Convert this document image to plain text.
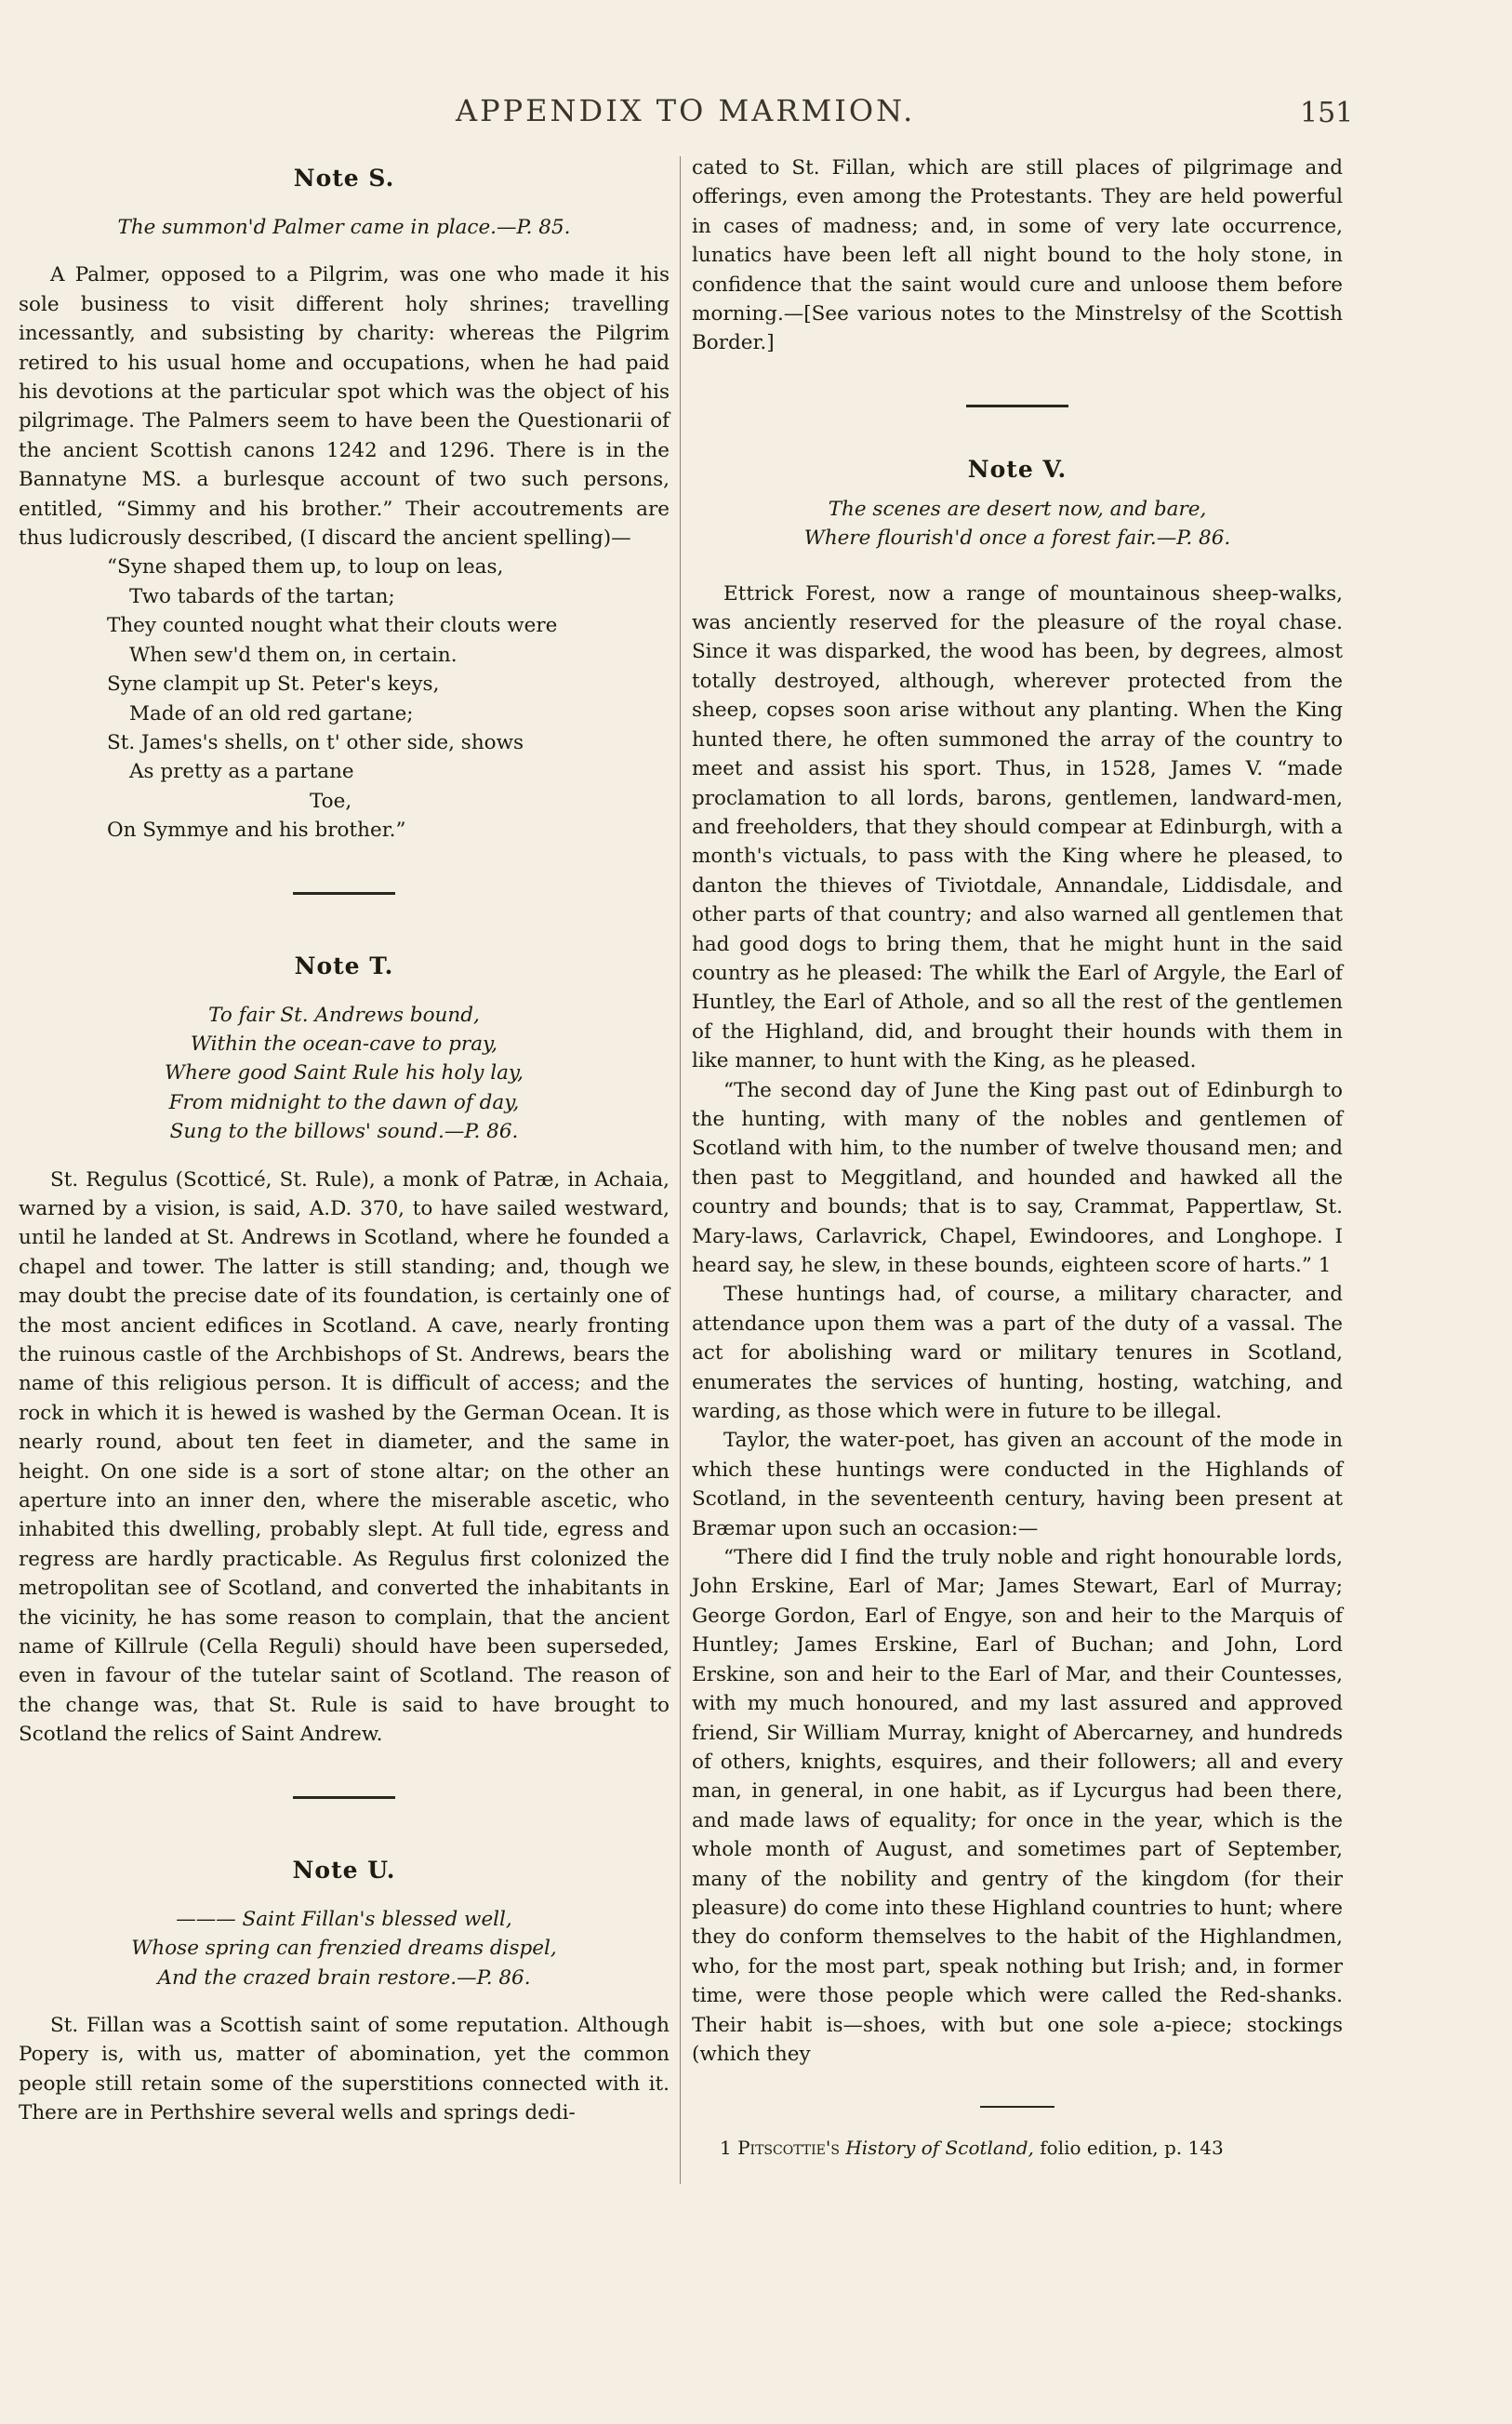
APPENDIX TO MARMION.	151
Note S.
The summon'd Palmer came in place.—P. 85.

A Palmer, opposed to a Pilgrim, was one who made it his sole business to visit different holy shrines; travelling incessantly, and subsisting by charity: whereas the Pilgrim retired to his usual home and occupations, when he had paid his devotions at the particular spot which was the object of his pilgrimage. The Palmers seem to have been the Questionarii of the ancient Scottish canons 1242 and 1296. There is in the Bannatyne MS. a burlesque account of two such persons, entitled, “Simmy and his brother.” Their accoutrements are thus ludicrously described, (I discard the ancient spelling)—

“Syne shaped them up, to loup on leas,
Two tabards of the tartan;
They counted nought what their clouts were
When sew'd them on, in certain.
Syne clampit up St. Peter's keys,
Made of an old red gartane;
St. James's shells, on t' other side, shows
As pretty as a partane
Toe,
On Symmye and his brother.”
Note T.
To fair St. Andrews bound,
Within the ocean-cave to pray,
Where good Saint Rule his holy lay,
From midnight to the dawn of day,
Sung to the billows' sound.—P. 86.

St. Regulus (Scotticé, St. Rule), a monk of Patræ, in Achaia, warned by a vision, is said, A.D. 370, to have sailed westward, until he landed at St. Andrews in Scotland, where he founded a chapel and tower. The latter is still standing; and, though we may doubt the precise date of its foundation, is certainly one of the most ancient edifices in Scotland. A cave, nearly fronting the ruinous castle of the Archbishops of St. Andrews, bears the name of this religious person. It is difficult of access; and the rock in which it is hewed is washed by the German Ocean. It is nearly round, about ten feet in diameter, and the same in height. On one side is a sort of stone altar; on the other an aperture into an inner den, where the miserable ascetic, who inhabited this dwelling, probably slept. At full tide, egress and regress are hardly practicable. As Regulus first colonized the metropolitan see of Scotland, and converted the inhabitants in the vicinity, he has some reason to complain, that the ancient name of Killrule (Cella Reguli) should have been superseded, even in favour of the tutelar saint of Scotland. The reason of the change was, that St. Rule is said to have brought to Scotland the relics of Saint Andrew.

Note U.
——— Saint Fillan's blessed well,
Whose spring can frenzied dreams dispel,
And the crazed brain restore.—P. 86.

St. Fillan was a Scottish saint of some reputation. Although Popery is, with us, matter of abomination, yet the common people still retain some of the superstitions connected with it. There are in Perthshire several wells and springs dedi-

cated to St. Fillan, which are still places of pilgrimage and offerings, even among the Protestants. They are held powerful in cases of madness; and, in some of very late occurrence, lunatics have been left all night bound to the holy stone, in confidence that the saint would cure and unloose them before morning.—[See various notes to the Minstrelsy of the Scottish Border.]

Note V.
The scenes are desert now, and bare,
Where flourish'd once a forest fair.—P. 86.

Ettrick Forest, now a range of mountainous sheep-walks, was anciently reserved for the pleasure of the royal chase. Since it was disparked, the wood has been, by degrees, almost totally destroyed, although, wherever protected from the sheep, copses soon arise without any planting. When the King hunted there, he often summoned the array of the country to meet and assist his sport. Thus, in 1528, James V. “made proclamation to all lords, barons, gentlemen, landward-men, and freeholders, that they should compear at Edinburgh, with a month's victuals, to pass with the King where he pleased, to danton the thieves of Tiviotdale, Annandale, Liddisdale, and other parts of that country; and also warned all gentlemen that had good dogs to bring them, that he might hunt in the said country as he pleased: The whilk the Earl of Argyle, the Earl of Huntley, the Earl of Athole, and so all the rest of the gentlemen of the Highland, did, and brought their hounds with them in like manner, to hunt with the King, as he pleased.

“The second day of June the King past out of Edinburgh to the hunting, with many of the nobles and gentlemen of Scotland with him, to the number of twelve thousand men; and then past to Meggitland, and hounded and hawked all the country and bounds; that is to say, Crammat, Pappertlaw, St. Mary-laws, Carlavrick, Chapel, Ewindoores, and Longhope. I heard say, he slew, in these bounds, eighteen score of harts.” 1

These huntings had, of course, a military character, and attendance upon them was a part of the duty of a vassal. The act for abolishing ward or military tenures in Scotland, enumerates the services of hunting, hosting, watching, and warding, as those which were in future to be illegal.

Taylor, the water-poet, has given an account of the mode in which these huntings were conducted in the Highlands of Scotland, in the seventeenth century, having been present at Bræmar upon such an occasion:—

“There did I find the truly noble and right honourable lords, John Erskine, Earl of Mar; James Stewart, Earl of Murray; George Gordon, Earl of Engye, son and heir to the Marquis of Huntley; James Erskine, Earl of Buchan; and John, Lord Erskine, son and heir to the Earl of Mar, and their Countesses, with my much honoured, and my last assured and approved friend, Sir William Murray, knight of Abercarney, and hundreds of others, knights, esquires, and their followers; all and every man, in general, in one habit, as if Lycurgus had been there, and made laws of equality; for once in the year, which is the whole month of August, and sometimes part of September, many of the nobility and gentry of the kingdom (for their pleasure) do come into these Highland countries to hunt; where they do conform themselves to the habit of the Highlandmen, who, for the most part, speak nothing but Irish; and, in former time, were those people which were called the Red-shanks. Their habit is—shoes, with but one sole a-piece; stockings (which they

1 Pitscottie's History of Scotland, folio edition, p. 143
